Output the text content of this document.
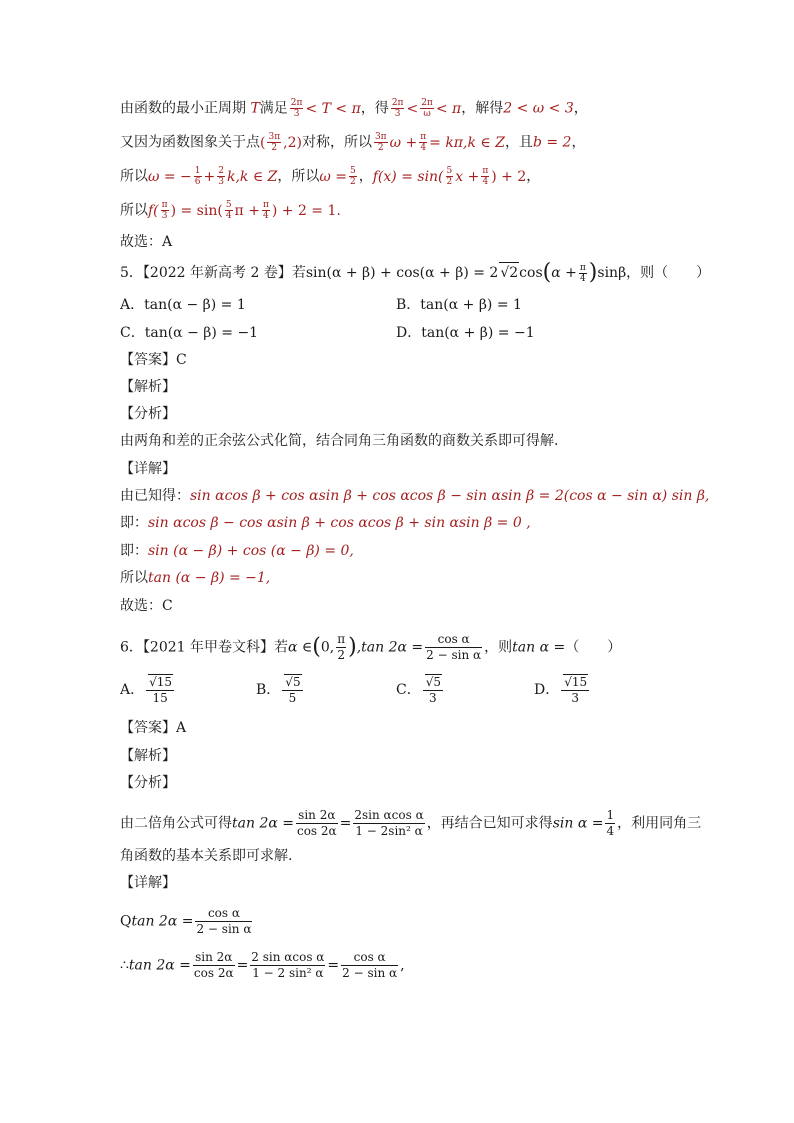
由函数的最小正周期 T满足 $\frac{2\pi}{3} < T < \pi$，得 $\frac{2\pi}{3} < \frac{2\pi}{\omega} < \pi$，解得2 < ω < 3，
又因为函数图象关于点( $\frac{3\pi}{2} ,2$)对称，所以 $\frac{3\pi}{2}$ $\omega + \frac{\pi}{4} = k\pi,k$ ∈ Z，且b = 2，
所以ω = − $\frac{1}{6} + \frac{2}{3} k,k$ ∈ Z，所以$\omega = \frac{5}{2}$ ，$f(x) = \sin( \frac{5}{2}$ $x + \frac{\pi}{4}$ ) + 2，
所以$f( \frac{\pi}{3}$ ) = $\sin( \frac{5}{4}$ $\pi + \frac{\pi}{4}$ ) + 2 = 1.
故选：A
5．【2022 年新高考 2 卷】若sin(α + β) + cos(α + β) = 2 √ $2\cos(\alpha + \frac{\pi}{4} )\sin\beta$，则（　　）
A．tan(α − β) = 1	B．tan(α + β) = 1
C．tan(α − β) = −1	D．tan(α + β) = −1
【答案】C
【解析】
【分析】
由两角和差的正余弦公式化简，结合同角三角函数的商数关系即可得解.
【详解】
由已知得：sin αcos β + cos αsin β + cos αcos β − sin αsin β = 2(cos α − sin α) sin β,
即：sin αcos β − cos αsin β + cos αcos β + sin αsin β = 0 ,
即：sin (α − β) + cos (α − β) = 0,
所以tan (α − β) = −1,
故选：C
6．【2021 年甲卷文科】若α ∈(0, $\frac{\pi}{2} ),\tan$ $2\alpha = \frac{\text{cos α}}{\text{2 − sin α}}$ ，则tan α =（　　）
A． √ $\frac{15}{15}$	B． √ $\frac{5}{5}$	C． √ $\frac{5}{3}$	D． √ $\frac{15}{3}$
【答案】A
【解析】
【分析】
由二倍角公式可得$\tan 2\alpha = \frac{\sin 2\alpha}{\cos 2\alpha} = \frac{\text{2sin αcos α}}{\text{1 − 2sin² α}}$ ，再结合已知可求得$\sin \alpha = \frac{1}{4}$ ，利用同角三
角函数的基本关系即可求解.
【详解】
Qtan $2\alpha = \frac{\text{cos α}}{\text{2 − sin α}}$
∴tan $2\alpha = \frac{\sin 2\alpha}{\cos 2\alpha} = \frac{\text{2 sin αcos α}}{\text{1 − 2 sin² α}} = \frac{\text{cos α}}{\text{2 − sin α}}$ ,
